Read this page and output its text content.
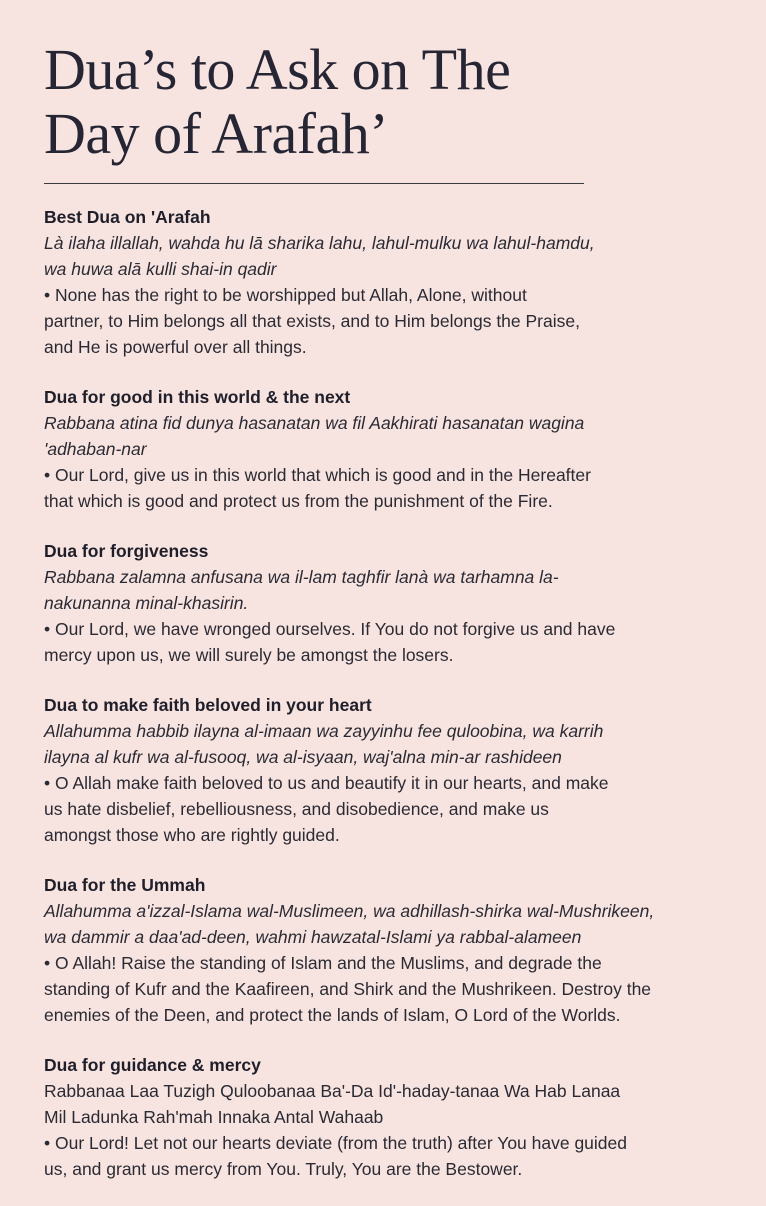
Dua’s to Ask on The
Day of Arafah’
Best Dua on 'Arafah

Là ilaha illallah, wahda hu lā sharika lahu, lahul-mulku wa lahul-hamdu,
wa huwa alā kulli shai-in qadir

• None has the right to be worshipped but Allah, Alone, without
partner, to Him belongs all that exists, and to Him belongs the Praise,
and He is powerful over all things.

Dua for good in this world & the next

Rabbana atina fid dunya hasanatan wa fil Aakhirati hasanatan wagina
'adhaban-nar

• Our Lord, give us in this world that which is good and in the Hereafter
that which is good and protect us from the punishment of the Fire.

Dua for forgiveness

Rabbana zalamna anfusana wa il-lam taghfir lanà wa tarhamna la-
nakunanna minal-khasirin.

• Our Lord, we have wronged ourselves. If You do not forgive us and have
mercy upon us, we will surely be amongst the losers.

Dua to make faith beloved in your heart

Allahumma habbib ilayna al-imaan wa zayyinhu fee quloobina, wa karrih
ilayna al kufr wa al-fusooq, wa al-isyaan, waj'alna min-ar rashideen

• O Allah make faith beloved to us and beautify it in our hearts, and make
us hate disbelief, rebelliousness, and disobedience, and make us
amongst those who are rightly guided.

Dua for the Ummah

Allahumma a'izzal-Islama wal-Muslimeen, wa adhillash-shirka wal-Mushrikeen,
wa dammir a daa'ad-deen, wahmi hawzatal-Islami ya rabbal-alameen

• O Allah! Raise the standing of Islam and the Muslims, and degrade the
standing of Kufr and the Kaafireen, and Shirk and the Mushrikeen. Destroy the
enemies of the Deen, and protect the lands of Islam, O Lord of the Worlds.

Dua for guidance & mercy

Rabbanaa Laa Tuzigh Quloobanaa Ba'-Da Id'-haday-tanaa Wa Hab Lanaa
Mil Ladunka Rah'mah Innaka Antal Wahaab

• Our Lord! Let not our hearts deviate (from the truth) after You have guided
us, and grant us mercy from You. Truly, You are the Bestower.
